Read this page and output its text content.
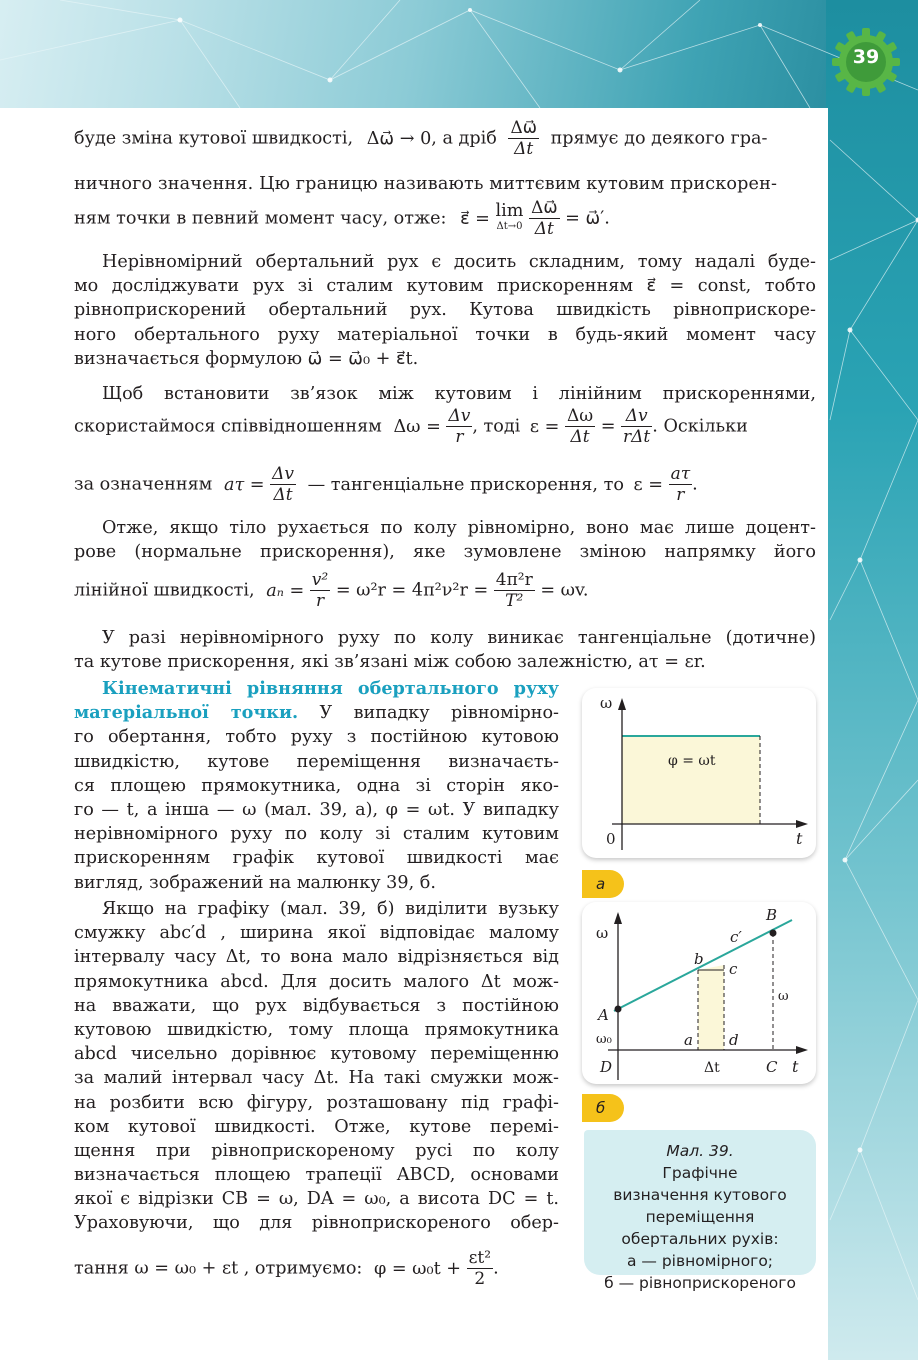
39
буде зміна кутової швидкості, Δω⃗ → 0, а дріб $\frac{\Delta\omega⃗}{\Delta t}$ прямує до деякого гра-
ничного значення. Цю границю називають миттєвим кутовим прискорен-
ням точки в певний момент часу, отже: ε⃗ = lim
Δt→0
$\frac{\Delta\omega⃗}{\Delta t}$ = ω⃗′.
Нерівномірний обертальний рух є досить складним, тому надалі буде-
мо досліджувати рух зі сталим кутовим прискоренням ε⃗ = const, тобто
рівноприскорений обертальний рух. Кутова швидкість рівноприскоре-
ного обертального руху матеріальної точки в будь-який момент часу
визначається формулою ω⃗ = ω⃗₀ + ε⃗t.
Щоб встановити зв’язок між кутовим і лінійним прискореннями,
скористаймося співвідношенням $\Delta\omega = \frac{\Delta v}{r}$ , тоді $\varepsilon = \frac{\Delta\omega}{\Delta t} = \frac{\Delta v}{\text{rΔt}}$ . Оскільки
за означенням $a\tau = \frac{\Delta v}{\Delta t}$ — тангенціальне прискорення, то $\varepsilon = \frac{a\tau}{r}$ .
Отже, якщо тіло рухається по колу рівномірно, воно має лише доцент-
рове (нормальне прискорення), яке зумовлене зміною напрямку його
лінійної швидкості, $a_n = \frac{\text{v²}}{r} = \omega^2r = 4\pi^2\nu^2r = \frac{\text{4π²r}}{\text{T²}} = \omega v$.
У разі нерівномірного руху по колу виникає тангенціальне (дотичне)
та кутове прискорення, які зв’язані між собою залежністю, aτ = εr.
Кінематичні рівняння обертального руху
матеріальної точки. У випадку рівномірно-
го обертання, тобто руху з постійною кутовою
швидкістю, кутове переміщення визначаєть-
ся площею прямокутника, одна зі сторін яко-
го — t, а інша — ω (мал. 39, а), φ = ωt. У випадку
нерівномірного руху по колу зі сталим кутовим
прискоренням графік кутової швидкості має
вигляд, зображений на малюнку 39, б.
Якщо на графіку (мал. 39, б) виділити вузьку
смужку abc′d , ширина якої відповідає малому
інтервалу часу Δt, то вона мало відрізняється від
прямокутника abcd. Для досить малого Δt мож-
на вважати, що рух відбувається з постійною
кутовою швидкістю, тому площа прямокутника
abcd чисельно дорівнює кутовому переміщенню
за малий інтервал часу Δt. На такі смужки мож-
на розбити всю фігуру, розташовану під графі-
ком кутової швидкості. Отже, кутове перемі-
щення при рівноприскореному русі по колу
визначається площею трапеції ABCD, основами
якої є відрізки CB = ω, DA = ω₀, а висота DC = t.
Ураховуючи, що для рівноприскореного обер-
тання ω = ω₀ + εt , отримуємо: $\varphi = \omega_0t + \frac{\text{εt²}}{2}$ .
ω
t
0
φ = ωt
а
ω
t
A
B
C
D
a
b
c
c′
d
ω₀
ω
Δt
б
Мал. 39.
Графічне
визначення кутового
переміщення
обертальних рухів:
а — рівномірного;
б — рівноприскореного
